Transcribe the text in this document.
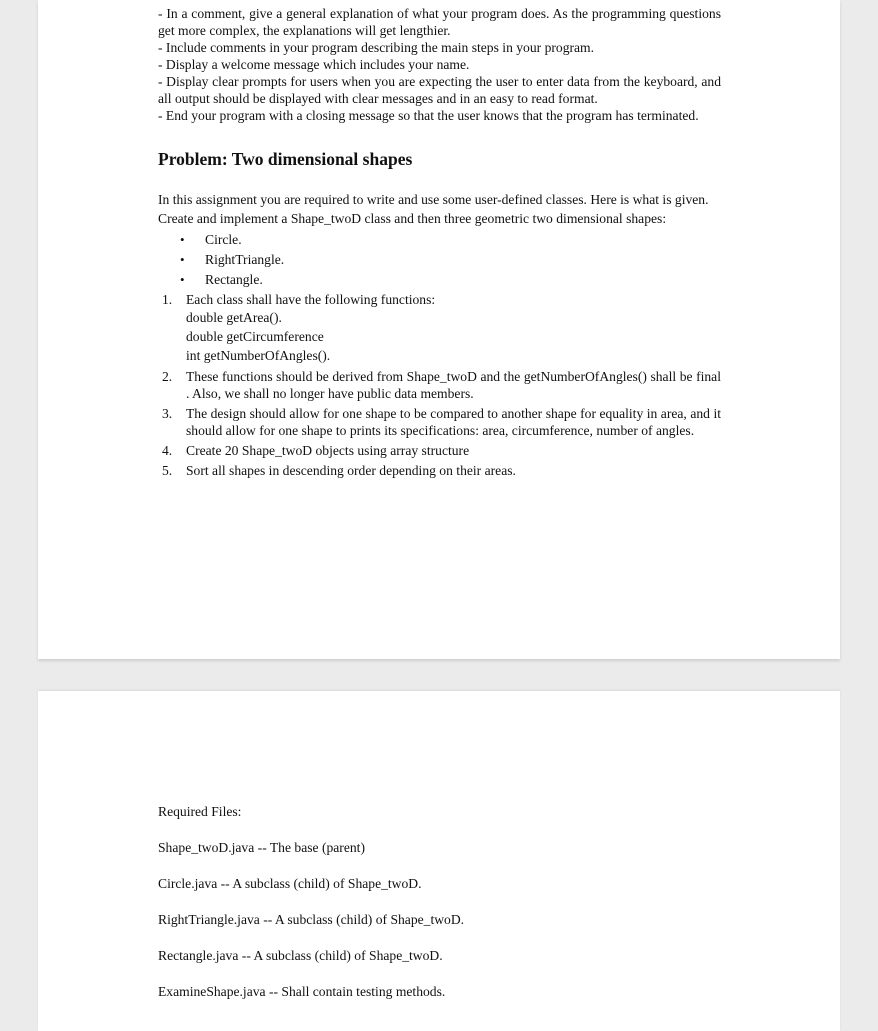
- In a comment, give a general explanation of what your program does. As the programming questions get more complex, the explanations will get lengthier.

- Include comments in your program describing the main steps in your program.

- Display a welcome message which includes your name.

- Display clear prompts for users when you are expecting the user to enter data from the keyboard, and all output should be displayed with clear messages and in an easy to read format.

- End your program with a closing message so that the user knows that the program has terminated.

Problem: Two dimensional shapes

In this assignment you are required to write and use some user-defined classes. Here is what is given.

Create and implement a Shape_twoD class and then three geometric two dimensional shapes:

• Circle.
• RightTriangle.
• Rectangle.
1. Each class shall have the following functions:
double getArea().
double getCircumference
int getNumberOfAngles().
2. These functions should be derived from Shape_twoD and the getNumberOfAngles() shall be final . Also, we shall no longer have public data members.
3. The design should allow for one shape to be compared to another shape for equality in area, and it should allow for one shape to prints its specifications: area, circumference, number of angles.
4. Create 20 Shape_twoD objects using array structure
5. Sort all shapes in descending order depending on their areas.

Required Files:

Shape_twoD.java -- The base (parent)

Circle.java -- A subclass (child) of Shape_twoD.

RightTriangle.java -- A subclass (child) of Shape_twoD.

Rectangle.java -- A subclass (child) of Shape_twoD.

ExamineShape.java -- Shall contain testing methods.
